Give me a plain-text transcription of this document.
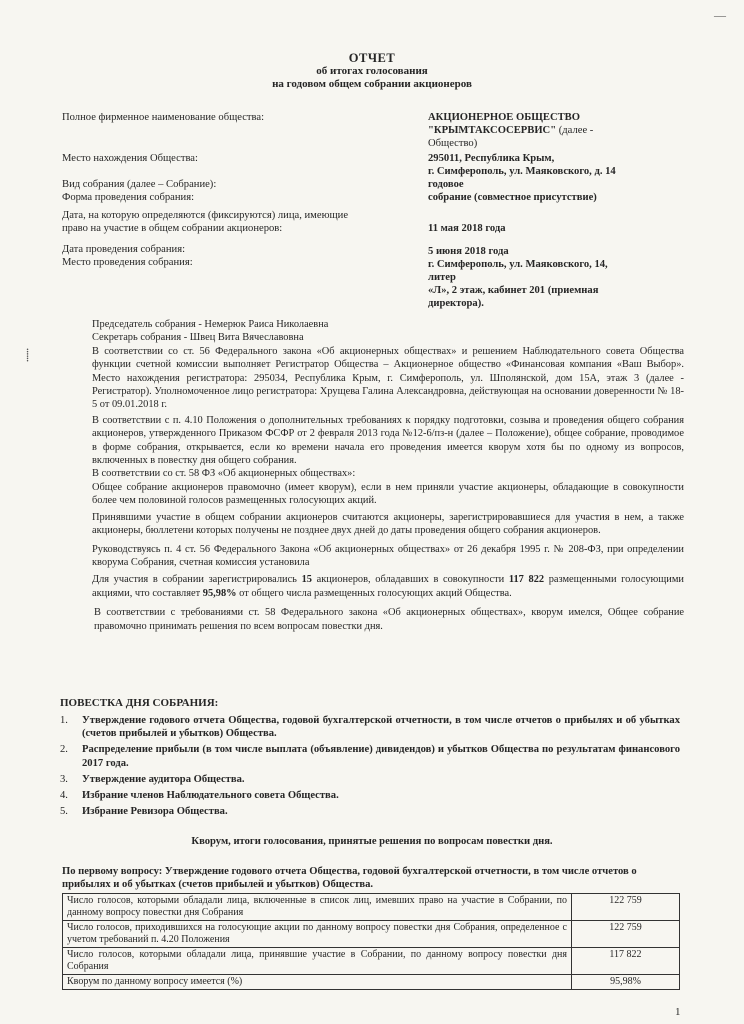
ОТЧЕТ
об итогах голосования
на годовом общем собрании акционеров
Полное фирменное наименование общества:	АКЦИОНЕРНОЕ ОБЩЕСТВО
"КРЫМТАКСОСЕРВИС" (далее -
Общество)
Место нахождения Общества:	295011, Республика Крым,
г. Симферополь, ул. Маяковского, д. 14
Вид собрания (далее – Собрание):	годовое
Форма проведения собрания:	собрание (совместное присутствие)
Дата, на которую определяются (фиксируются) лица, имеющие
право на участие в общем собрании акционеров:	11 мая 2018 года
Дата проведения собрания:	5 июня 2018 года
Место проведения собрания:	г. Симферополь, ул. Маяковского, 14, литер
«Л», 2 этаж, кабинет 201 (приемная
директора).

Председатель собрания - Немерюк Раиса Николаевна

Секретарь собрания - Швец Вита Вячеславовна

В соответствии со ст. 56 Федерального закона «Об акционерных обществах» и решением Наблюдательного совета Общества функции счетной комиссии выполняет Регистратор Общества – Акционерное общество «Финансовая компания «Ваш Выбор». Место нахождения регистратора: 295034, Республика Крым, г. Симферополь, ул. Шполянской, дом 15А, этаж 3 (далее - Регистратор). Уполномоченное лицо регистратора: Хрущева Галина Александровна, действующая на основании доверенности № 18-5 от 09.01.2018 г.

В соответствии с п. 4.10 Положения о дополнительных требованиях к порядку подготовки, созыва и проведения общего собрания акционеров, утвержденного Приказом ФСФР от 2 февраля 2013 года №12-6/пз-н (далее – Положение), общее собрание, проводимое в форме собрания, открывается, если ко времени начала его проведения имеется кворум хотя бы по одному из вопросов, включенных в повестку дня общего собрания.

В соответствии со ст. 58 ФЗ «Об акционерных обществах»:

Общее собрание акционеров правомочно (имеет кворум), если в нем приняли участие акционеры, обладающие в совокупности более чем половиной голосов размещенных голосующих акций.

Принявшими участие в общем собрании акционеров считаются акционеры, зарегистрировавшиеся для участия в нем, а также акционеры, бюллетени которых получены не позднее двух дней до даты проведения общего собрания акционеров.

Руководствуясь п. 4 ст. 56 Федерального Закона «Об акционерных обществах» от 26 декабря 1995 г. № 208-ФЗ, при определении кворума Собрания, счетная комиссия установила

Для участия в собрании зарегистрировались 15 акционеров, обладавших в совокупности 117 822 размещенными голосующими акциями, что составляет 95,98% от общего числа размещенных голосующих акций Общества.

В соответствии с требованиями ст. 58 Федерального закона «Об акционерных обществах», кворум имелся, Общее собрание правомочно принимать решения по всем вопросам повестки дня.

ПОВЕСТКА ДНЯ СОБРАНИЯ:
1.	Утверждение годового отчета Общества, годовой бухгалтерской отчетности, в том числе отчетов о прибылях и об убытках (счетов прибылей и убытков) Общества.
2.	Распределение прибыли (в том числе выплата (объявление) дивидендов) и убытков Общества по результатам финансового 2017 года.
3.	Утверждение аудитора Общества.
4.	Избрание членов Наблюдательного совета Общества.
5.	Избрание Ревизора Общества.
Кворум, итоги голосования, принятые решения по вопросам повестки дня.
По первому вопросу: Утверждение годового отчета Общества, годовой бухгалтерской отчетности, в том числе отчетов о прибылях и об убытках (счетов прибылей и убытков) Общества.
Число голосов, которыми обладали лица, включенные в список лиц, имевших право на участие в Собрании, по данному вопросу повестки дня Собрания	122 759
Число голосов, приходившихся на голосующие акции по данному вопросу повестки дня Собрания, определенное с учетом требований п. 4.20 Положения	122 759
Число голосов, которыми обладали лица, принявшие участие в Собрании, по данному вопросу повестки дня Собрания	117 822
Кворум по данному вопросу имеется (%)	95,98%
1
⸽
—
